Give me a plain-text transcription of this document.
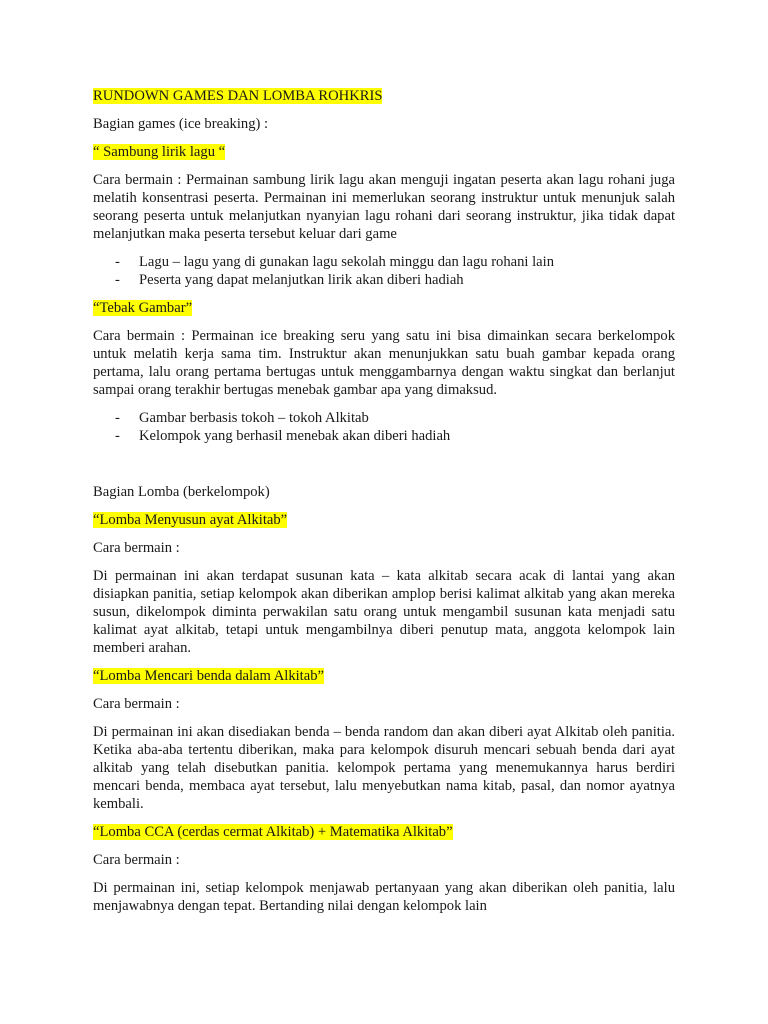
RUNDOWN GAMES DAN LOMBA ROHKRIS
Bagian games (ice breaking) :
“ Sambung lirik lagu “
Cara bermain : Permainan sambung lirik lagu akan menguji ingatan peserta akan lagu rohani juga melatih konsentrasi peserta. Permainan ini memerlukan seorang instruktur untuk menunjuk salah seorang peserta untuk melanjutkan nyanyian lagu rohani dari seorang instruktur, jika tidak dapat melanjutkan maka peserta tersebut keluar dari game
- Lagu – lagu yang di gunakan lagu sekolah minggu dan lagu rohani lain
- Peserta yang dapat melanjutkan lirik akan diberi hadiah
“Tebak Gambar”
Cara bermain : Permainan ice breaking seru yang satu ini bisa dimainkan secara berkelompok untuk melatih kerja sama tim. Instruktur akan menunjukkan satu buah gambar kepada orang pertama, lalu orang pertama bertugas untuk menggambarnya dengan waktu singkat dan berlanjut sampai orang terakhir bertugas menebak gambar apa yang dimaksud.
- Gambar berbasis tokoh – tokoh Alkitab
- Kelompok yang berhasil menebak akan diberi hadiah
Bagian Lomba (berkelompok)
“Lomba Menyusun ayat Alkitab”
Cara bermain :
Di permainan ini akan terdapat susunan kata – kata alkitab secara acak di lantai yang akan disiapkan panitia, setiap kelompok akan diberikan amplop berisi kalimat alkitab yang akan mereka susun, dikelompok diminta perwakilan satu orang untuk mengambil susunan kata menjadi satu kalimat ayat alkitab, tetapi untuk mengambilnya diberi penutup mata, anggota kelompok lain memberi arahan.
“Lomba Mencari benda dalam Alkitab”
Cara bermain :
Di permainan ini akan disediakan benda – benda random dan akan diberi ayat Alkitab oleh panitia. Ketika aba-aba tertentu diberikan, maka para kelompok disuruh mencari sebuah benda dari ayat alkitab yang telah disebutkan panitia. kelompok pertama yang menemukannya harus berdiri mencari benda, membaca ayat tersebut, lalu menyebutkan nama kitab, pasal, dan nomor ayatnya kembali.
“Lomba CCA (cerdas cermat Alkitab) + Matematika Alkitab”
Cara bermain :
Di permainan ini, setiap kelompok menjawab pertanyaan yang akan diberikan oleh panitia, lalu menjawabnya dengan tepat. Bertanding nilai dengan kelompok lain
